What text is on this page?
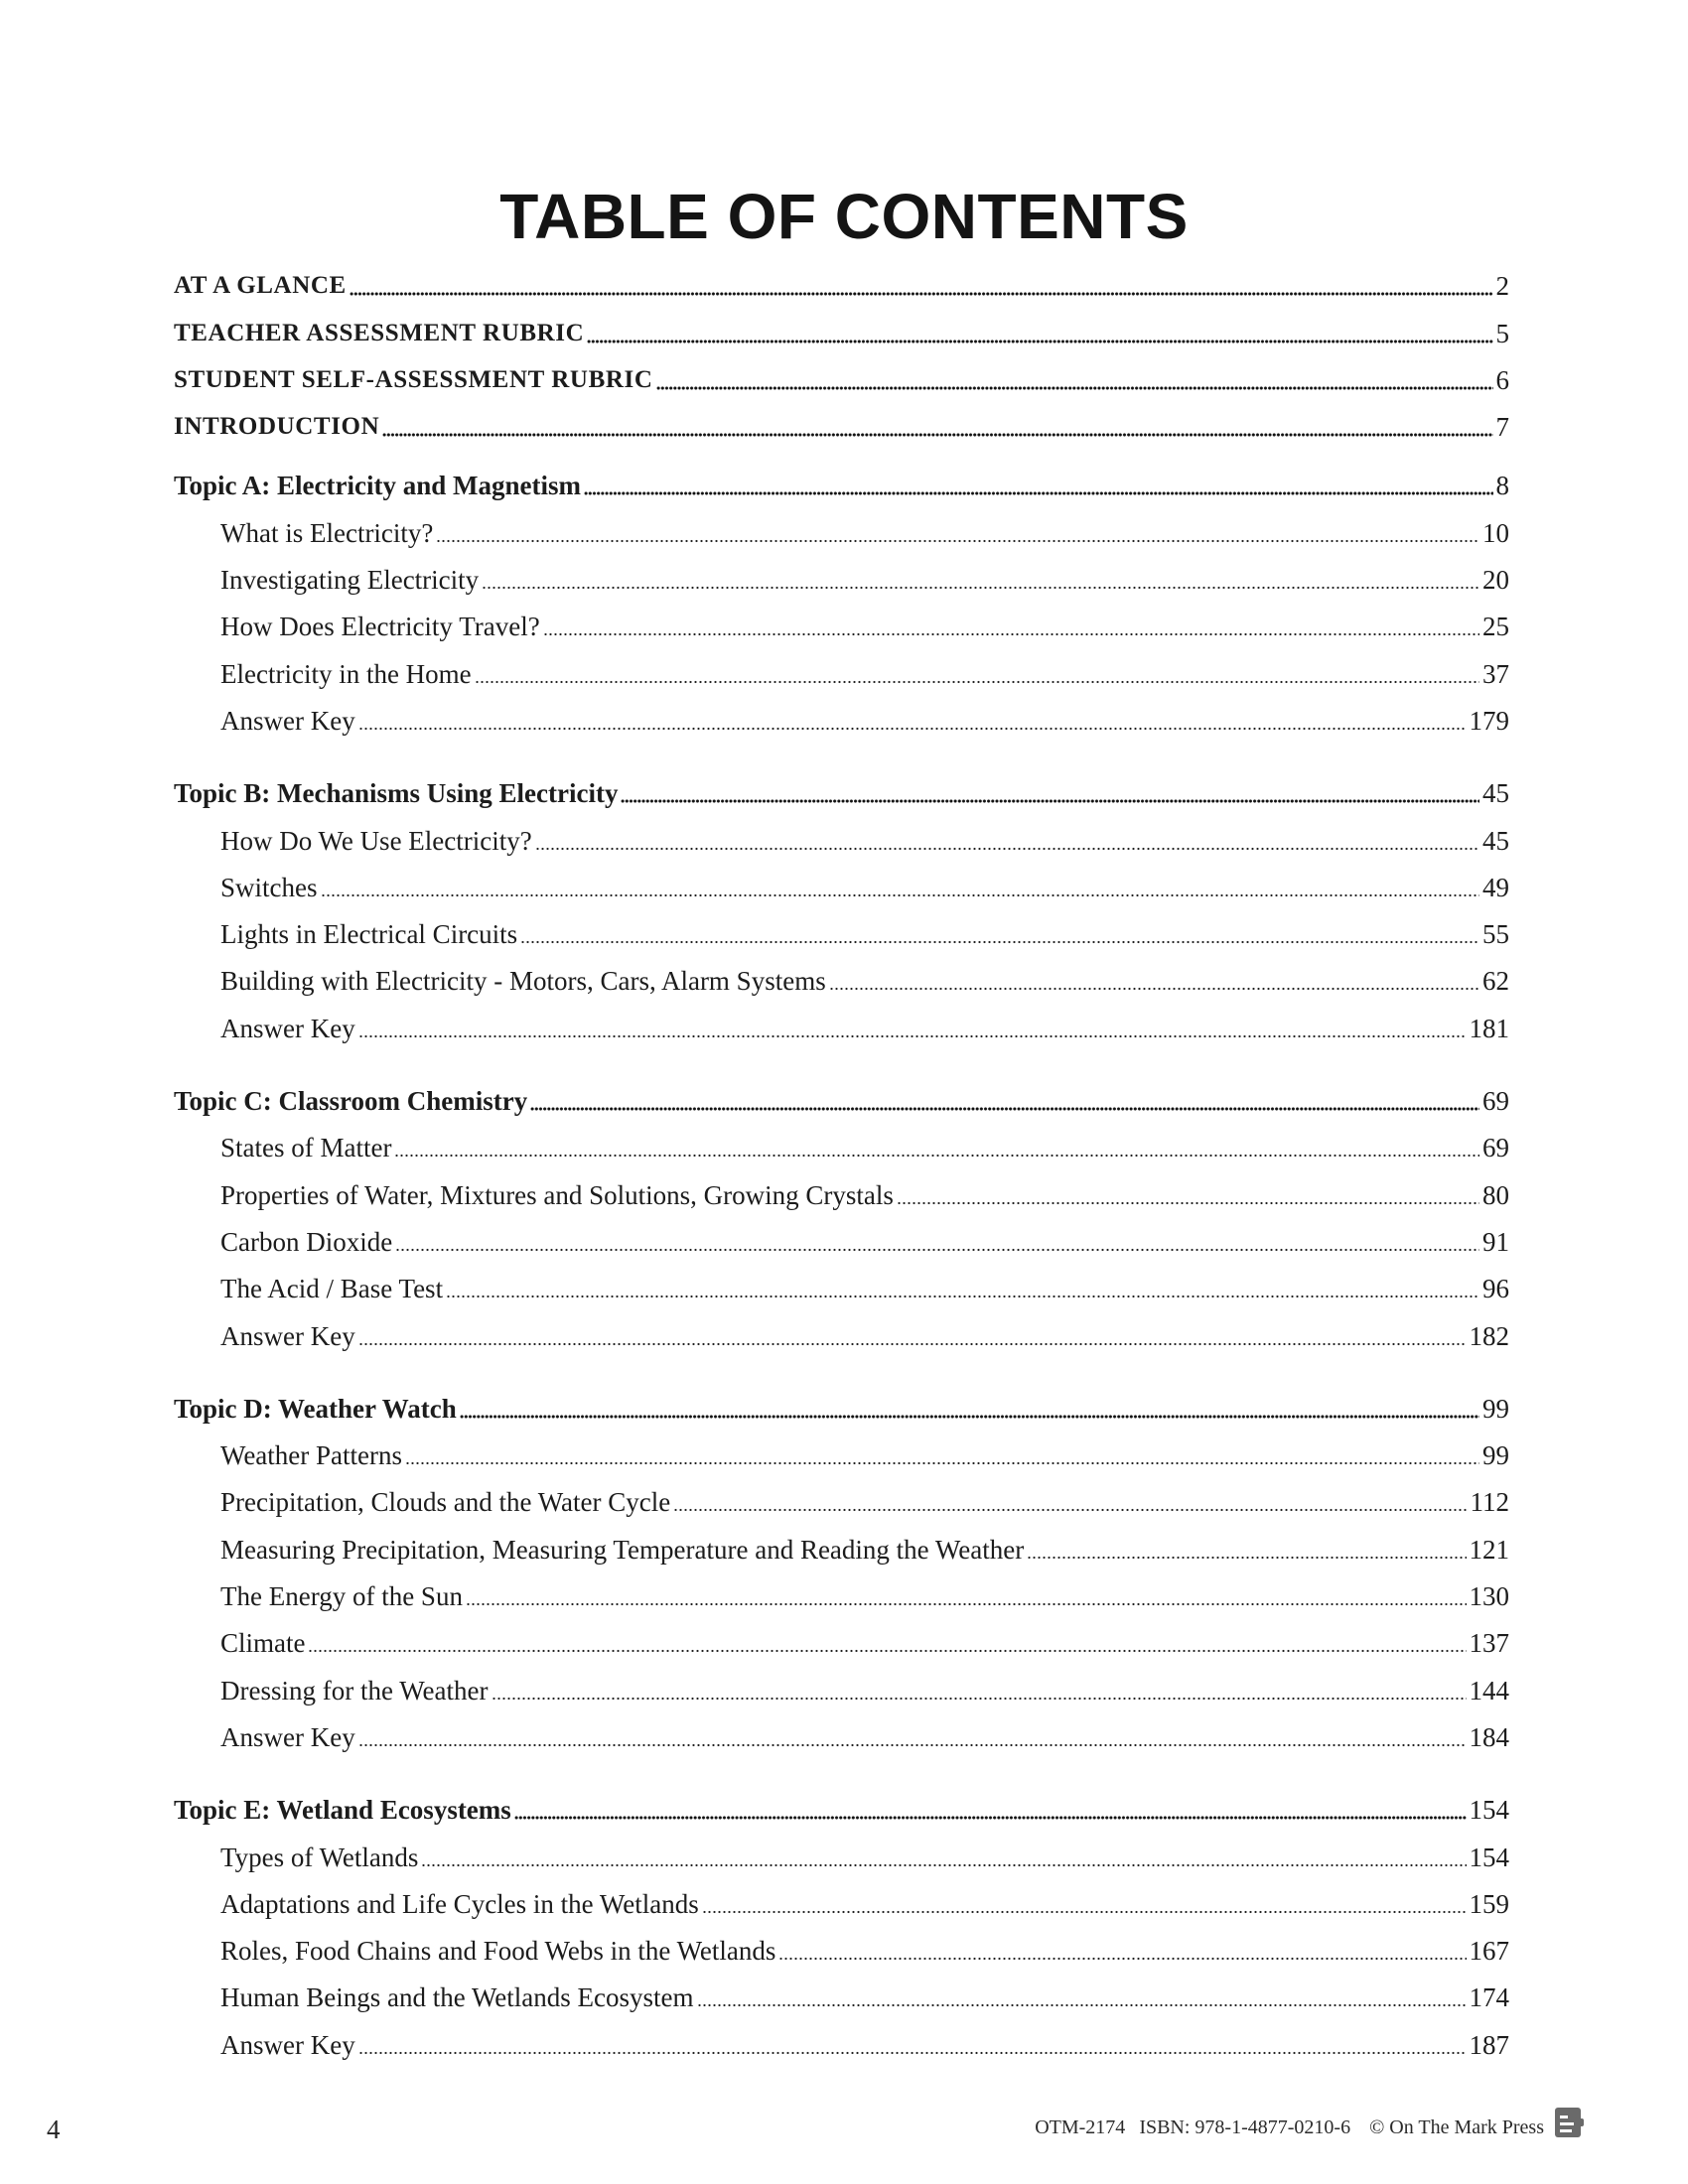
TABLE OF CONTENTS
AT A GLANCE	2
TEACHER ASSESSMENT RUBRIC	5
STUDENT SELF-ASSESSMENT RUBRIC	6
INTRODUCTION	7
Topic A: Electricity and Magnetism	8
What is Electricity?	10
Investigating Electricity	20
How Does Electricity Travel?	25
Electricity in the Home	37
Answer Key	179
Topic B: Mechanisms Using Electricity	45
How Do We Use Electricity?	45
Switches	49
Lights in Electrical Circuits	55
Building with Electricity - Motors, Cars, Alarm Systems	62
Answer Key	181
Topic C: Classroom Chemistry	69
States of Matter	69
Properties of Water, Mixtures and Solutions, Growing Crystals	80
Carbon Dioxide	91
The Acid / Base Test	96
Answer Key	182
Topic D: Weather Watch	99
Weather Patterns	99
Precipitation, Clouds and the Water Cycle	112
Measuring Precipitation, Measuring Temperature and Reading the Weather	121
The Energy of the Sun	130
Climate	137
Dressing for the Weather	144
Answer Key	184
Topic E: Wetland Ecosystems	154
Types of Wetlands	154
Adaptations and Life Cycles in the Wetlands	159
Roles, Food Chains and Food Webs in the Wetlands	167
Human Beings and the Wetlands Ecosystem	174
Answer Key	187
4	OTM-2174 ISBN: 978-1-4877-0210-6 © On The Mark Press
